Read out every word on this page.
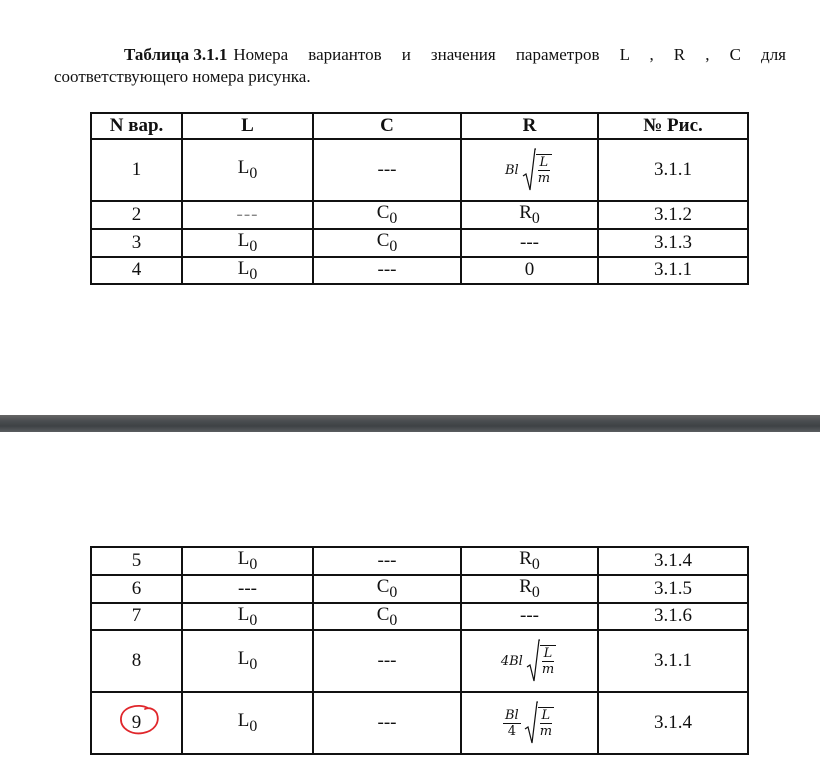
Таблица 3.1.1 Номера вариантов и значения параметров L , R , C для
соответствующего номера рисунка.
N вар.	L	C	R	№ Рис.
1	$L_0$	---	Bl $\frac{L}{m}$	3.1.1
2	---	$C_0$	$R_0$	3.1.2
3	$L_0$	$C_0$	---	3.1.3
4	$L_0$	---	0	3.1.1
5	$L_0$	---	$R_0$	3.1.4
6	---	$C_0$	$R_0$	3.1.5
7	$L_0$	$C_0$	---	3.1.6
8	$L_0$	---	$4Bl \frac{L}{m}$	3.1.1
9	$L_0$	---	$\frac{Bl}{4} \frac{L}{m}$	3.1.4
